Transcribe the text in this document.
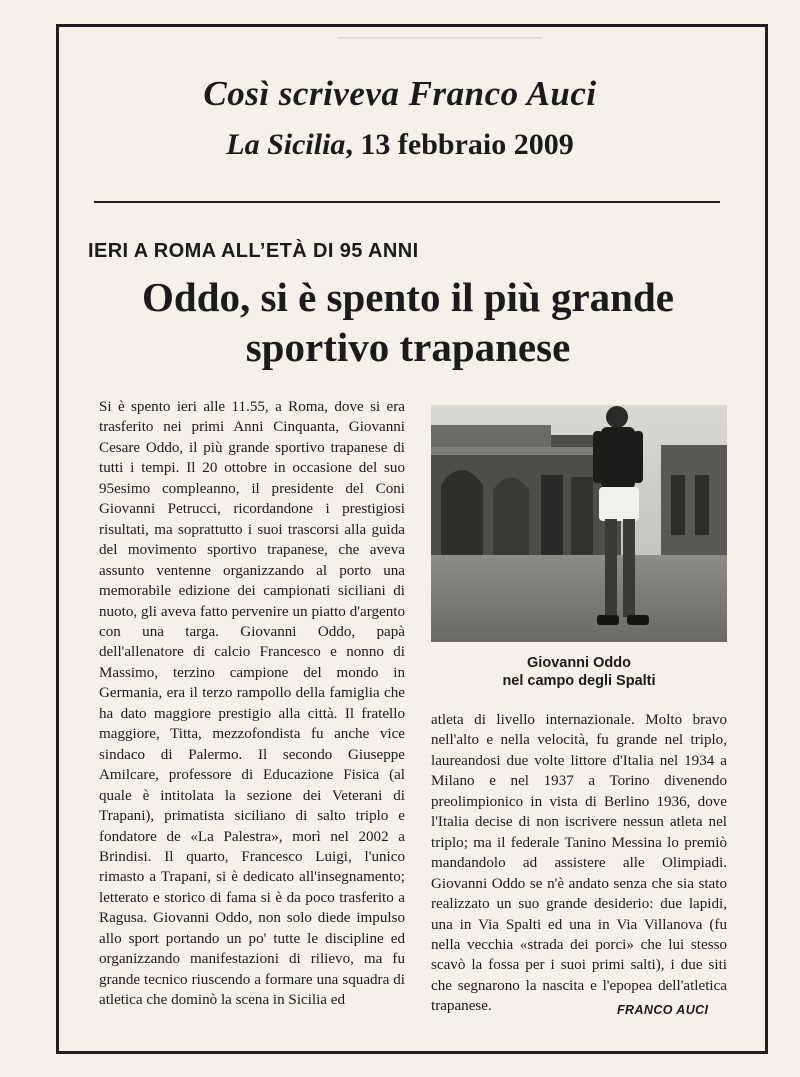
────────────────────
Così scriveva Franco Auci
La Sicilia, 13 febbraio 2009
IERI A ROMA ALL’ETÀ DI 95 ANNI
Oddo, si è spento il più grande sportivo trapanese
Si è spento ieri alle 11.55, a Roma, dove si era trasferito nei primi Anni Cinquanta, Giovanni Cesare Oddo, il più grande sportivo trapanese di tutti i tempi. Il 20 ottobre in occasione del suo 95esimo compleanno, il presidente del Coni Giovanni Petrucci, ricordandone i prestigiosi risultati, ma soprattutto i suoi trascorsi alla guida del movimento sportivo trapanese, che aveva assunto ventenne organizzando al porto una memorabile edizione dei campionati siciliani di nuoto, gli aveva fatto pervenire un piatto d'argento con una targa. Giovanni Oddo, papà dell'allenatore di calcio Francesco e nonno di Massimo, terzino campione del mondo in Germania, era il terzo rampollo della famiglia che ha dato maggiore prestigio alla città. Il fratello maggiore, Titta, mezzofondista fu anche vice sindaco di Palermo. Il secondo Giuseppe Amilcare, professore di Educazione Fisica (al quale è intitolata la sezione dei Veterani di Trapani), primatista siciliano di salto triplo e fondatore de «La Palestra», morì nel 2002 a Brindisi. Il quarto, Francesco Luigi, l'unico rimasto a Trapani, si è dedicato all'insegnamento; letterato e storico di fama si è da poco trasferito a Ragusa. Giovanni Oddo, non solo diede impulso allo sport portando un po' tutte le discipline ed organizzando manifestazioni di rilievo, ma fu grande tecnico riuscendo a formare una squadra di atletica che dominò la scena in Sicilia ed
Giovanni Oddo
nel campo degli Spalti
atleta di livello internazionale. Molto bravo nell'alto e nella velocità, fu grande nel triplo, laureandosi due volte littore d'Italia nel 1934 a Milano e nel 1937 a Torino divenendo preolimpionico in vista di Berlino 1936, dove l'Italia decise di non iscrivere nessun atleta nel triplo; ma il federale Tanino Messina lo premiò mandandolo ad assistere alle Olimpiadi. Giovanni Oddo se n'è andato senza che sia stato realizzato un suo grande desiderio: due lapidi, una in Via Spalti ed una in Via Villanova (fu nella vecchia «strada dei porci» che lui stesso scavò la fossa per i suoi primi salti), i due siti che segnarono la nascita e l'epopea dell'atletica trapanese.	FRANCO AUCI
